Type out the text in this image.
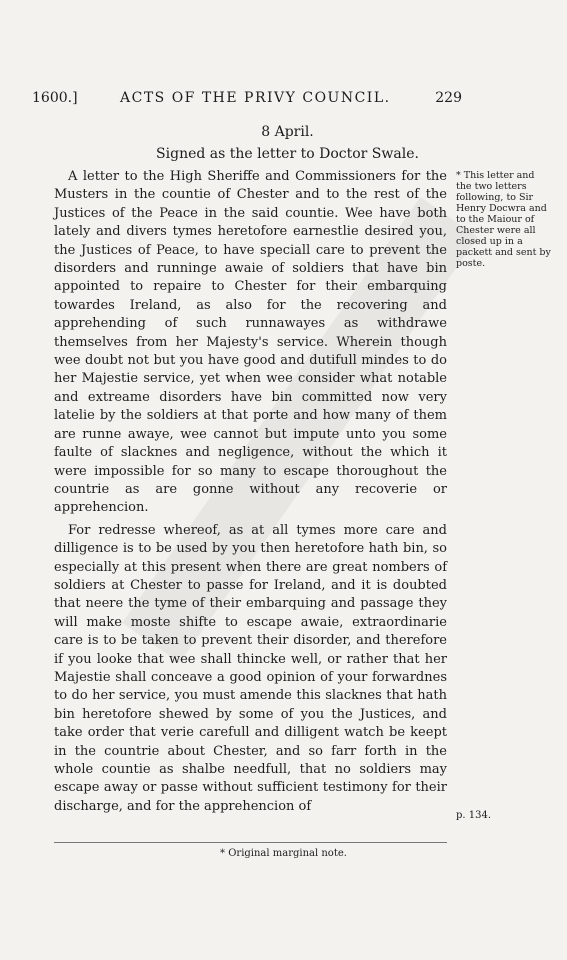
1600.]	ACTS OF THE PRIVY COUNCIL.	229
8 April.
Signed as the letter to Doctor Swale.

A letter to the High Sheriffe and Commissioners for the Musters in the countie of Chester and to the rest of the Justices of the Peace in the said countie. Wee have both lately and divers tymes heretofore earnestlie desired you, the Justices of Peace, to have speciall care to prevent the disorders and runninge awaie of soldiers that have bin appointed to repaire to Chester for their embarquing towardes Ireland, as also for the recovering and apprehending of such runnawayes as withdrawe themselves from her Majesty's service. Wherein though wee doubt not but you have good and dutifull mindes to do her Majestie service, yet when wee consider what notable and extreame disorders have bin committed now very latelie by the soldiers at that porte and how many of them are runne awaye, wee cannot but impute unto you some faulte of slacknes and negligence, without the which it were impossible for so many to escape thoroughout the countrie as are gonne without any recoverie or apprehencion.

For redresse whereof, as at all tymes more care and dilligence is to be used by you then heretofore hath bin, so especially at this present when there are great nombers of soldiers at Chester to passe for Ireland, and it is doubted that neere the tyme of their embarquing and passage they will make moste shifte to escape awaie, extraordinarie care is to be taken to prevent their disorder, and therefore if you looke that wee shall thincke well, or rather that her Majestie shall conceave a good opinion of your forwardnes to do her service, you must amende this slacknes that hath bin heretofore shewed by some of you the Justices, and take order that verie carefull and dilligent watch be keept in the countrie about Chester, and so farr forth in the whole countie as shalbe needfull, that no soldiers may escape away or passe without sufficient testimony for their discharge, and for the apprehencion of

* This letter and the two letters following, to Sir Henry Docwra and to the Maiour of Chester were all closed up in a packett and sent by poste.
p. 134.
* Original marginal note.
